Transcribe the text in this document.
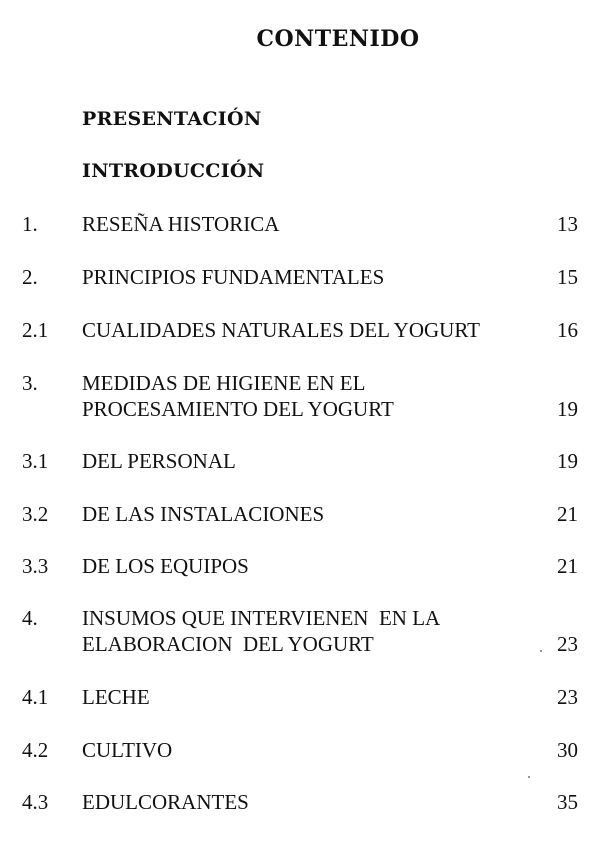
CONTENIDO
PRESENTACIÓN
INTRODUCCIÓN
1. RESEÑA HISTORICA	13
2. PRINCIPIOS FUNDAMENTALES	15
2.1 CUALIDADES NATURALES DEL YOGURT	16
3. MEDIDAS DE HIGIENE EN EL
PROCESAMIENTO DEL YOGURT	19
3.1 DEL PERSONAL	19
3.2 DE LAS INSTALACIONES	21
3.3 DE LOS EQUIPOS	21
4. INSUMOS QUE INTERVIENEN  EN LA
ELABORACION  DEL YOGURT	23
4.1 LECHE	23
4.2 CULTIVO	30
4.3 EDULCORANTES	35
